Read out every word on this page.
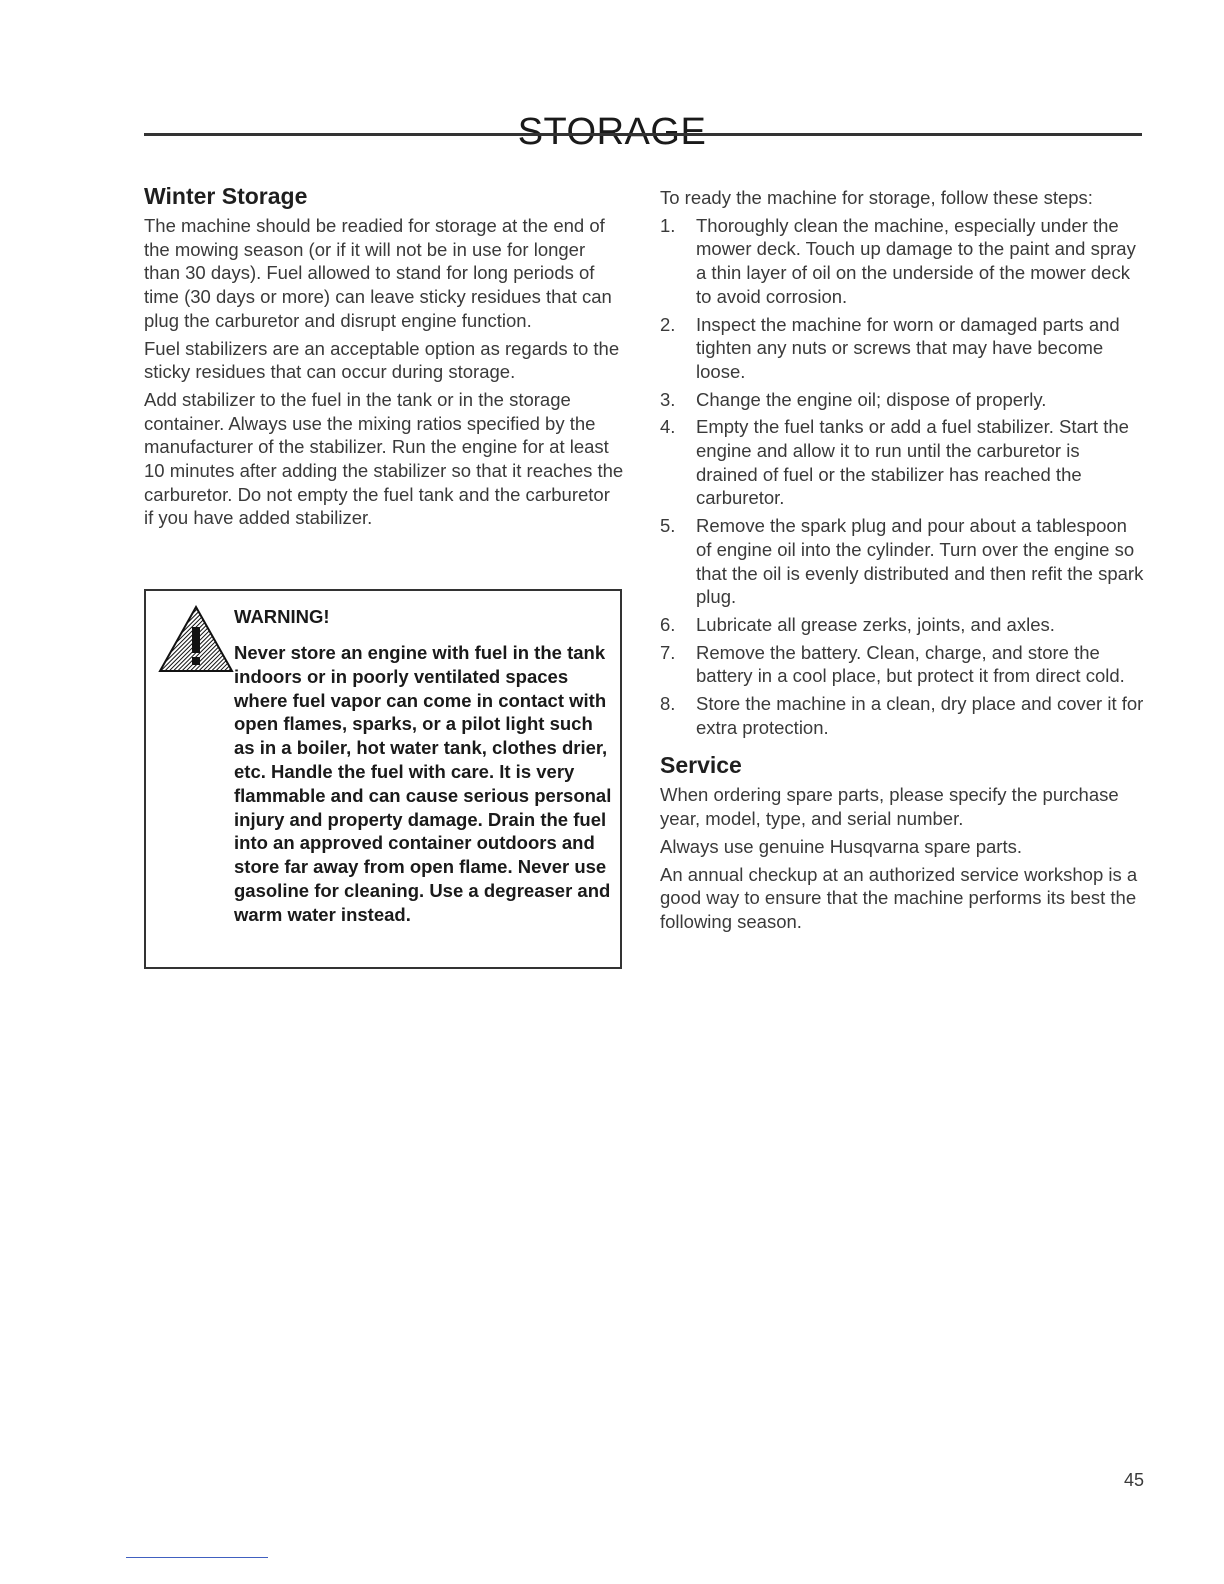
STORAGE
Winter Storage

The machine should be readied for storage at the end of the mowing season (or if it will not be in use for longer than 30 days). Fuel allowed to stand for long periods of time (30 days or more) can leave sticky residues that can plug the carburetor and disrupt engine function.

Fuel stabilizers are an acceptable option as regards to the sticky residues that can occur during storage.

Add stabilizer to the fuel in the tank or in the storage container. Always use the mixing ratios specified by the manufacturer of the stabilizer. Run the engine for at least 10 minutes after adding the stabilizer so that it reaches the carburetor. Do not empty the fuel tank and the carburetor if you have added stabilizer.

WARNING!

Never store an engine with fuel in the tank indoors or in poorly ventilated spaces where fuel vapor can come in contact with open flames, sparks, or a pilot light such as in a boiler, hot water tank, clothes drier, etc. Handle the fuel with care. It is very flammable and can cause serious personal injury and property damage. Drain the fuel into an approved container outdoors and store far away from open flame. Never use gasoline for cleaning. Use a degreaser and warm water instead.

To ready the machine for storage, follow these steps:

1.	Thoroughly clean the machine, especially under the mower deck. Touch up damage to the paint and spray a thin layer of oil on the underside of the mower deck to avoid corrosion.
2.	Inspect the machine for worn or damaged parts and tighten any nuts or screws that may have become loose.
3.	Change the engine oil; dispose of properly.
4.	Empty the fuel tanks or add a fuel stabilizer. Start the engine and allow it to run until the carburetor is drained of fuel or the stabilizer has reached the carburetor.
5.	Remove the spark plug and pour about a tablespoon of engine oil into the cylinder. Turn over the engine so that the oil is evenly distributed and then refit the spark plug.
6.	Lubricate all grease zerks, joints, and axles.
7.	Remove the battery. Clean, charge, and store the battery in a cool place, but protect it from direct cold.
8.	Store the machine in a clean, dry place and cover it for extra protection.
Service

When ordering spare parts, please specify the purchase year, model, type, and serial number.

Always use genuine Husqvarna spare parts.

An annual checkup at an authorized service workshop is a good way to ensure that the machine performs its best the following season.

45
